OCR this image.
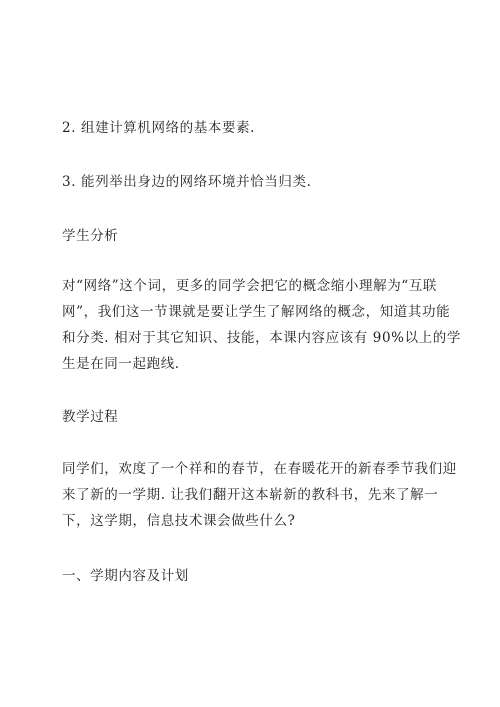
2. 组建计算机网络的基本要素.

3. 能列举出身边的网络环境并恰当归类.

学生分析

对“网络”这个词，更多的同学会把它的概念缩小理解为“互联
网”，我们这一节课就是要让学生了解网络的概念，知道其功能
和分类. 相对于其它知识、技能，本课内容应该有 90%以上的学
生是在同一起跑线.

教学过程

同学们，欢度了一个祥和的春节，在春暖花开的新春季节我们迎
来了新的一学期. 让我们翻开这本崭新的教科书，先来了解一
下，这学期，信息技术课会做些什么?

一、学期内容及计划
